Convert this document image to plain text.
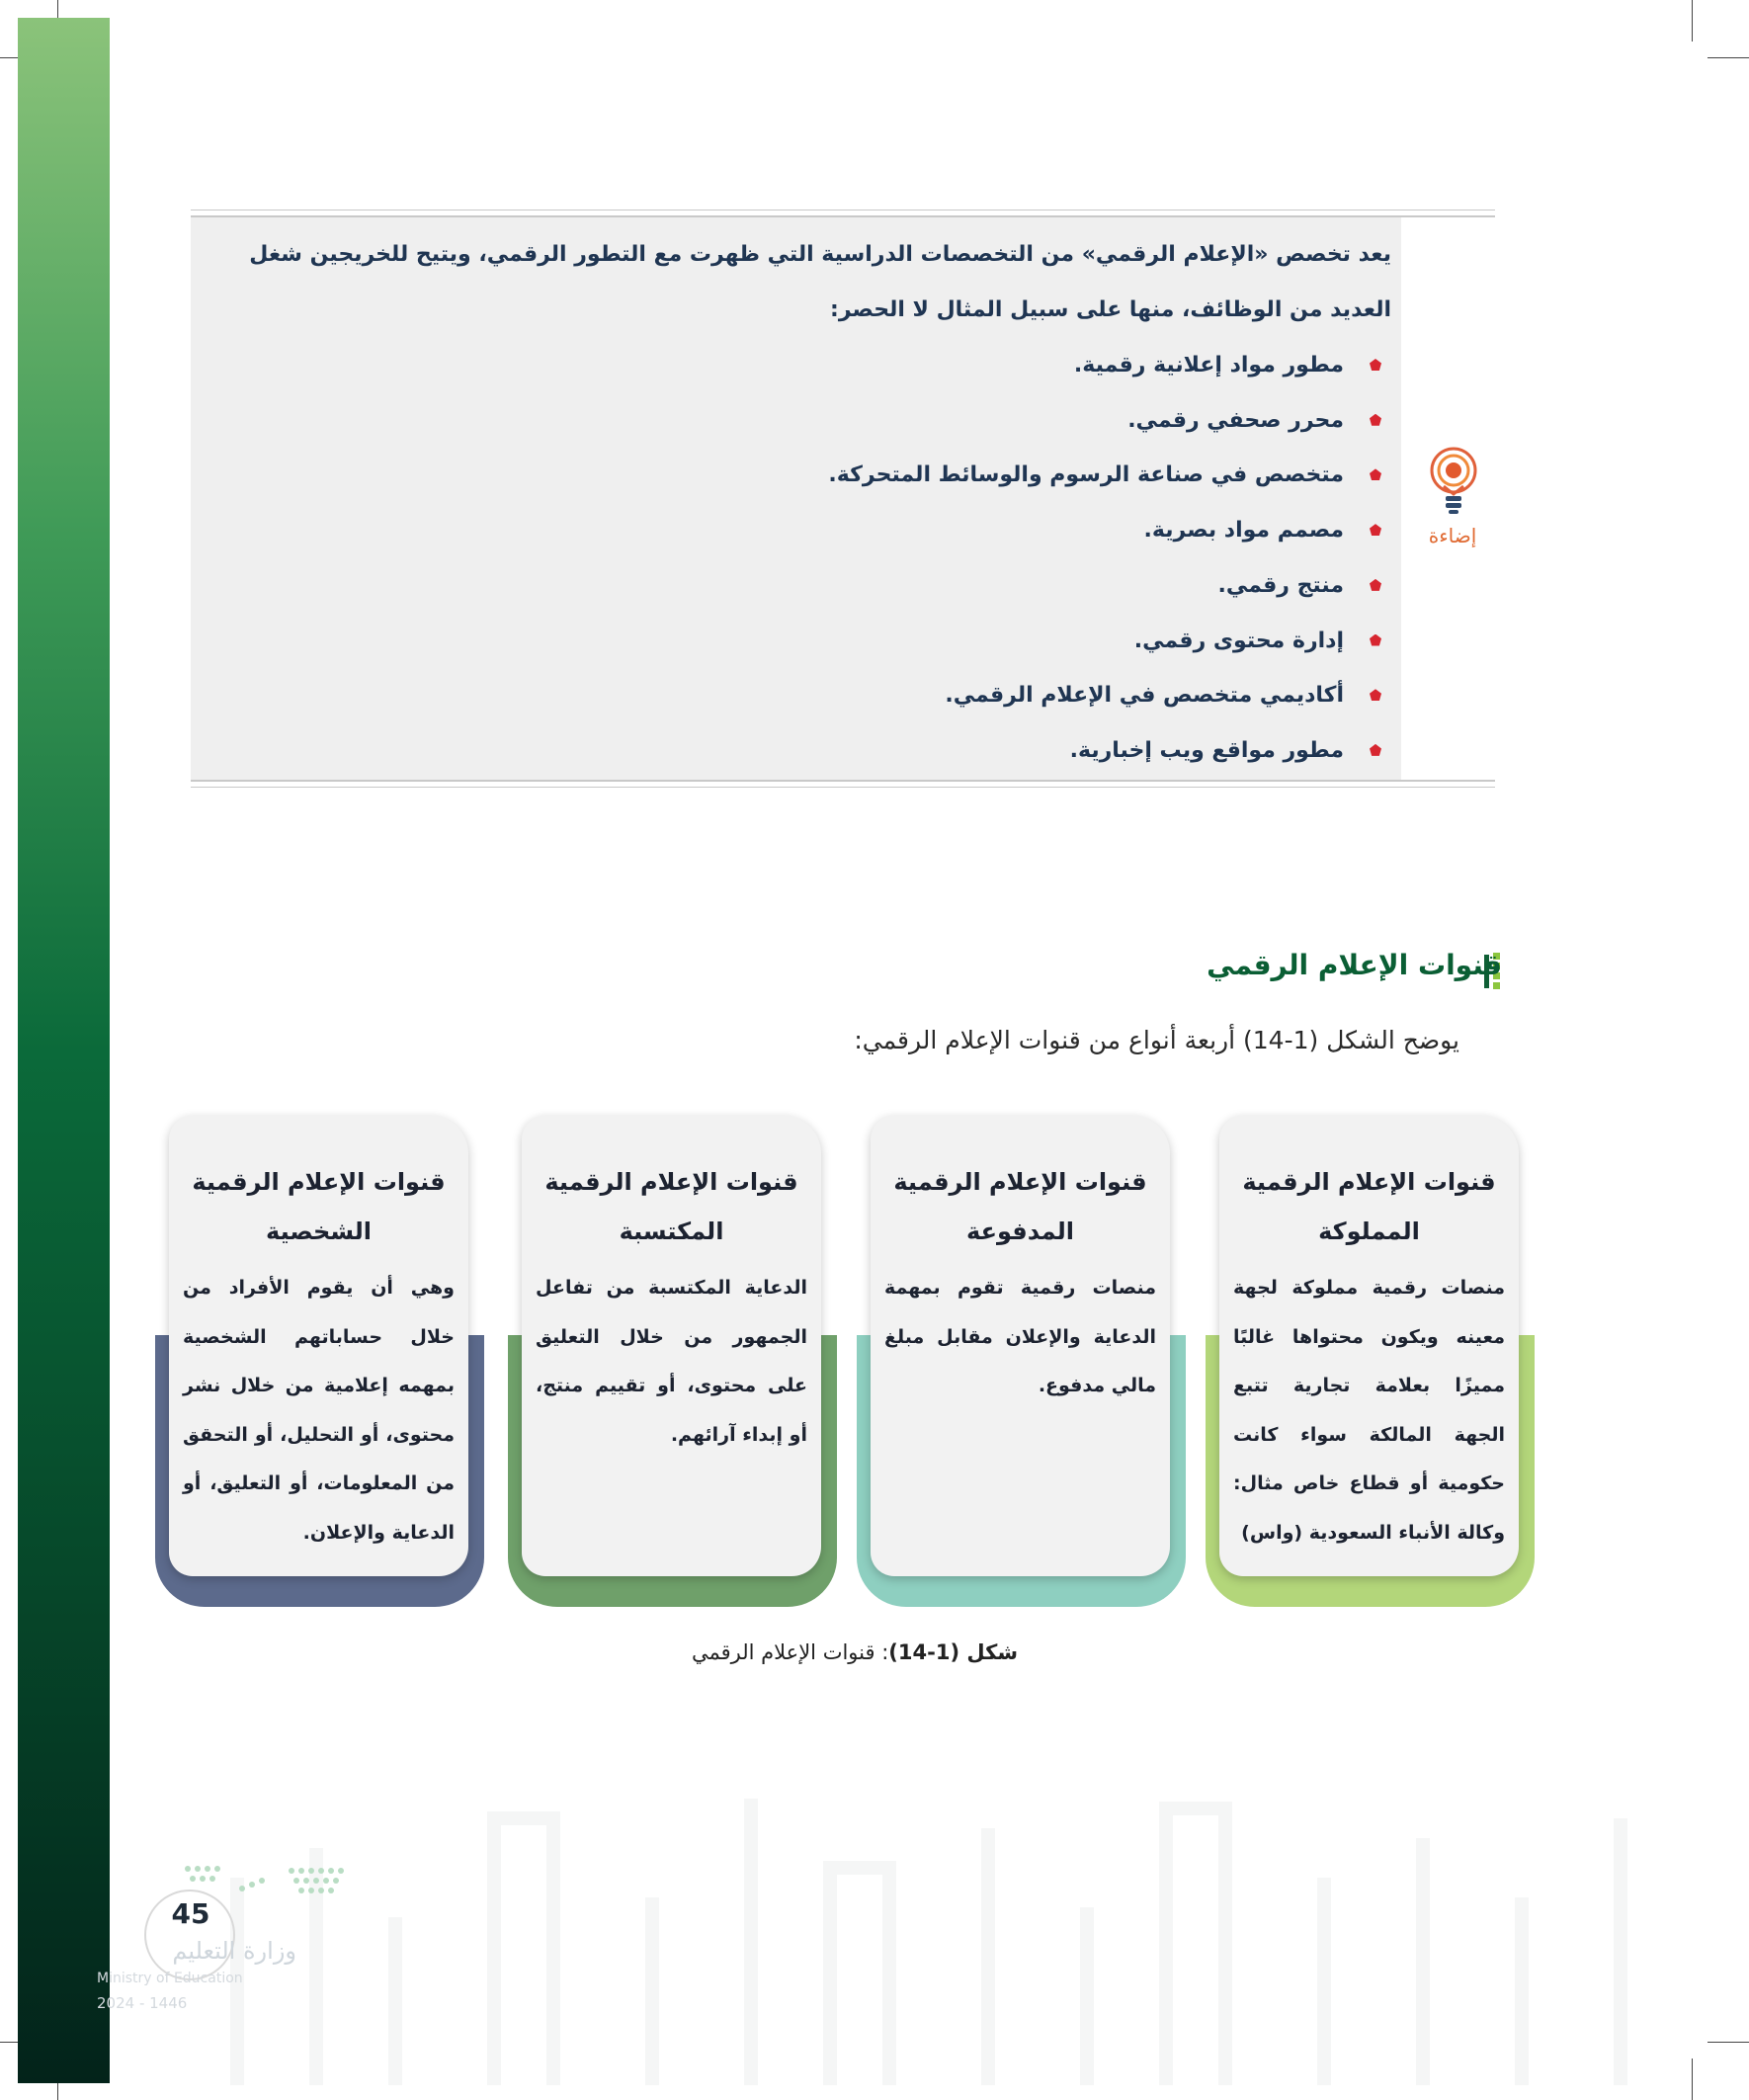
يعد تخصص «الإعلام الرقمي» من التخصصات الدراسية التي ظهرت مع التطور الرقمي، ويتيح للخريجين شغل العديد من الوظائف، منها على سبيل المثال لا الحصر:

مطور مواد إعلانية رقمية.
محرر صحفي رقمي.
متخصص في صناعة الرسوم والوسائط المتحركة.
مصمم مواد بصرية.
منتج رقمي.
إدارة محتوى رقمي.
أكاديمي متخصص في الإعلام الرقمي.
مطور مواقع ويب إخبارية.
إضاءة
قنوات الإعلام الرقمي
يوضح الشكل (1-14) أربعة أنواع من قنوات الإعلام الرقمي:
قنوات الإعلام الرقمية المملوكة
منصات رقمية مملوكة لجهة معينه ويكون محتواها غالبًا مميزًا بعلامة تجارية تتبع الجهة المالكة سواء كانت حكومية أو قطاع خاص مثال: وكالة الأنباء السعودية (واس)
قنوات الإعلام الرقمية المدفوعة
منصات رقمية تقوم بمهمة الدعاية والإعلان مقابل مبلغ مالي مدفوع.
قنوات الإعلام الرقمية المكتسبة
الدعاية المكتسبة من تفاعل الجمهور من خلال التعليق على محتوى، أو تقييم منتج، أو إبداء آرائهم.
قنوات الإعلام الرقمية الشخصية
وهي أن يقوم الأفراد من خلال حساباتهم الشخصية بمهمه إعلامية من خلال نشر محتوى، أو التحليل، أو التحقق من المعلومات، أو التعليق، أو الدعاية والإعلان.
شكل (1-14): قنوات الإعلام الرقمي
45
وزارة التعليم
Ministry of Education
2024 - 1446
